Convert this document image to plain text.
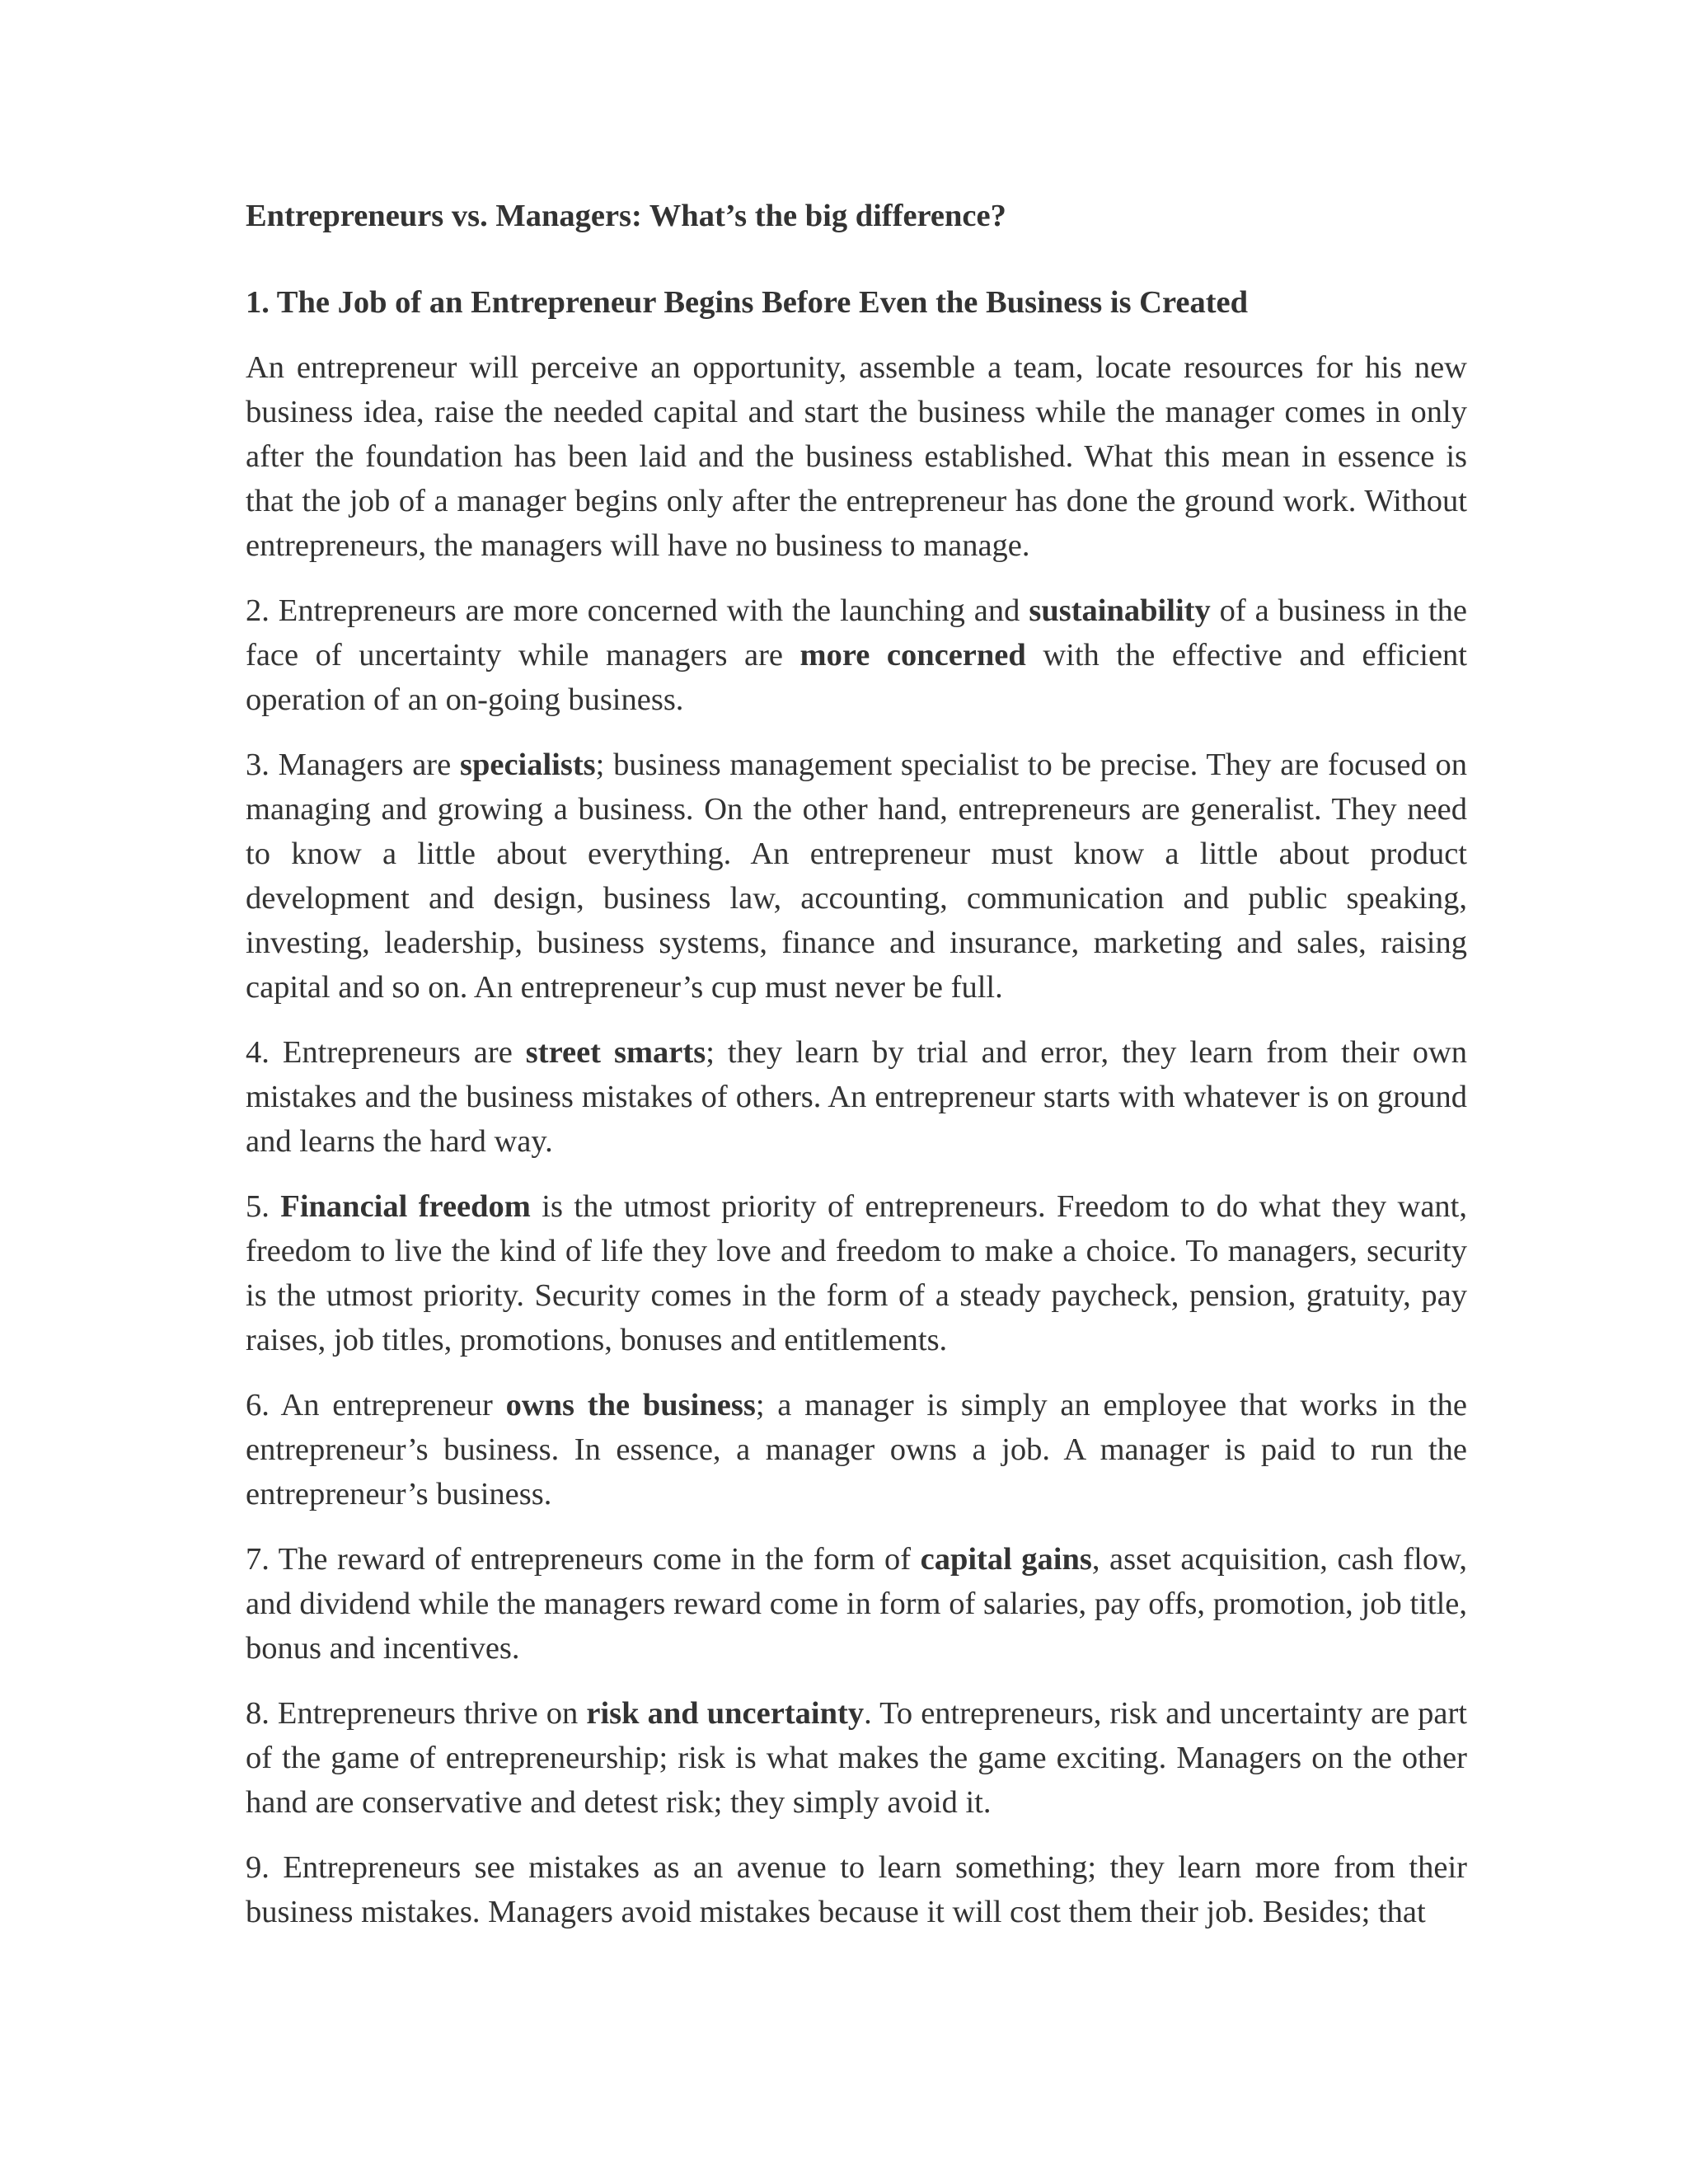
Entrepreneurs vs. Managers: What’s the big difference?
1. The Job of an Entrepreneur Begins Before Even the Business is Created

An entrepreneur will perceive an opportunity, assemble a team, locate resources for his new business idea, raise the needed capital and start the business while the manager comes in only after the foundation has been laid and the business established. What this mean in essence is that the job of a manager begins only after the entrepreneur has done the ground work. Without entrepreneurs, the managers will have no business to manage.

2. Entrepreneurs are more concerned with the launching and sustainability of a business in the face of uncertainty while managers are more concerned with the effective and efficient operation of an on-going business.

3. Managers are specialists; business management specialist to be precise. They are focused on managing and growing a business. On the other hand, entrepreneurs are generalist. They need to know a little about everything. An entrepreneur must know a little about product development and design, business law, accounting, communication and public speaking, investing, leadership, business systems, finance and insurance, marketing and sales, raising capital and so on. An entrepreneur’s cup must never be full.

4. Entrepreneurs are street smarts; they learn by trial and error, they learn from their own mistakes and the business mistakes of others. An entrepreneur starts with whatever is on ground and learns the hard way.

5. Financial freedom is the utmost priority of entrepreneurs. Freedom to do what they want, freedom to live the kind of life they love and freedom to make a choice. To managers, security is the utmost priority. Security comes in the form of a steady paycheck, pension, gratuity, pay raises, job titles, promotions, bonuses and entitlements.

6. An entrepreneur owns the business; a manager is simply an employee that works in the entrepreneur’s business. In essence, a manager owns a job. A manager is paid to run the entrepreneur’s business.

7. The reward of entrepreneurs come in the form of capital gains, asset acquisition, cash flow, and dividend while the managers reward come in form of salaries, pay offs, promotion, job title, bonus and incentives.

8. Entrepreneurs thrive on risk and uncertainty. To entrepreneurs, risk and uncertainty are part of the game of entrepreneurship; risk is what makes the game exciting. Managers on the other hand are conservative and detest risk; they simply avoid it.

9. Entrepreneurs see mistakes as an avenue to learn something; they learn more from their business mistakes. Managers avoid mistakes because it will cost them their job. Besides; that
